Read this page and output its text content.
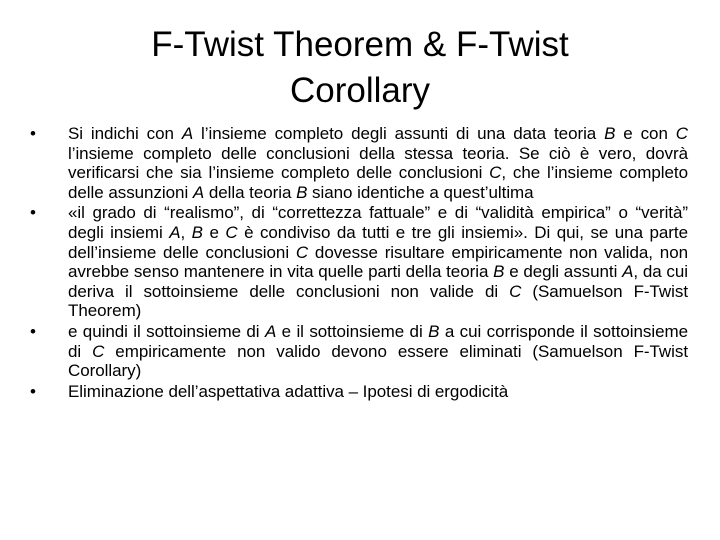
F-Twist Theorem & F-Twist
Corollary
• Si indichi con A l’insieme completo degli assunti di una data teoria B e con C l’insieme completo delle conclusioni della stessa teoria. Se ciò è vero, dovrà verificarsi che sia l’insieme completo delle conclusioni C, che l’insieme completo delle assunzioni A della teoria B siano identiche a quest’ultima
• «il grado di “realismo”, di “correttezza fattuale” e di “validità empirica” o “verità” degli insiemi A, B e C è condiviso da tutti e tre gli insiemi». Di qui, se una parte dell’insieme delle conclusioni C dovesse risultare empiricamente non valida, non avrebbe senso mantenere in vita quelle parti della teoria B e degli assunti A, da cui deriva il sottoinsieme delle conclusioni non valide di C (Samuelson F-Twist Theorem)
• e quindi il sottoinsieme di A e il sottoinsieme di B a cui corrisponde il sottoinsieme di C empiricamente non valido devono essere eliminati (Samuelson F-Twist Corollary)
• Eliminazione dell’aspettativa adattiva – Ipotesi di ergodicità
